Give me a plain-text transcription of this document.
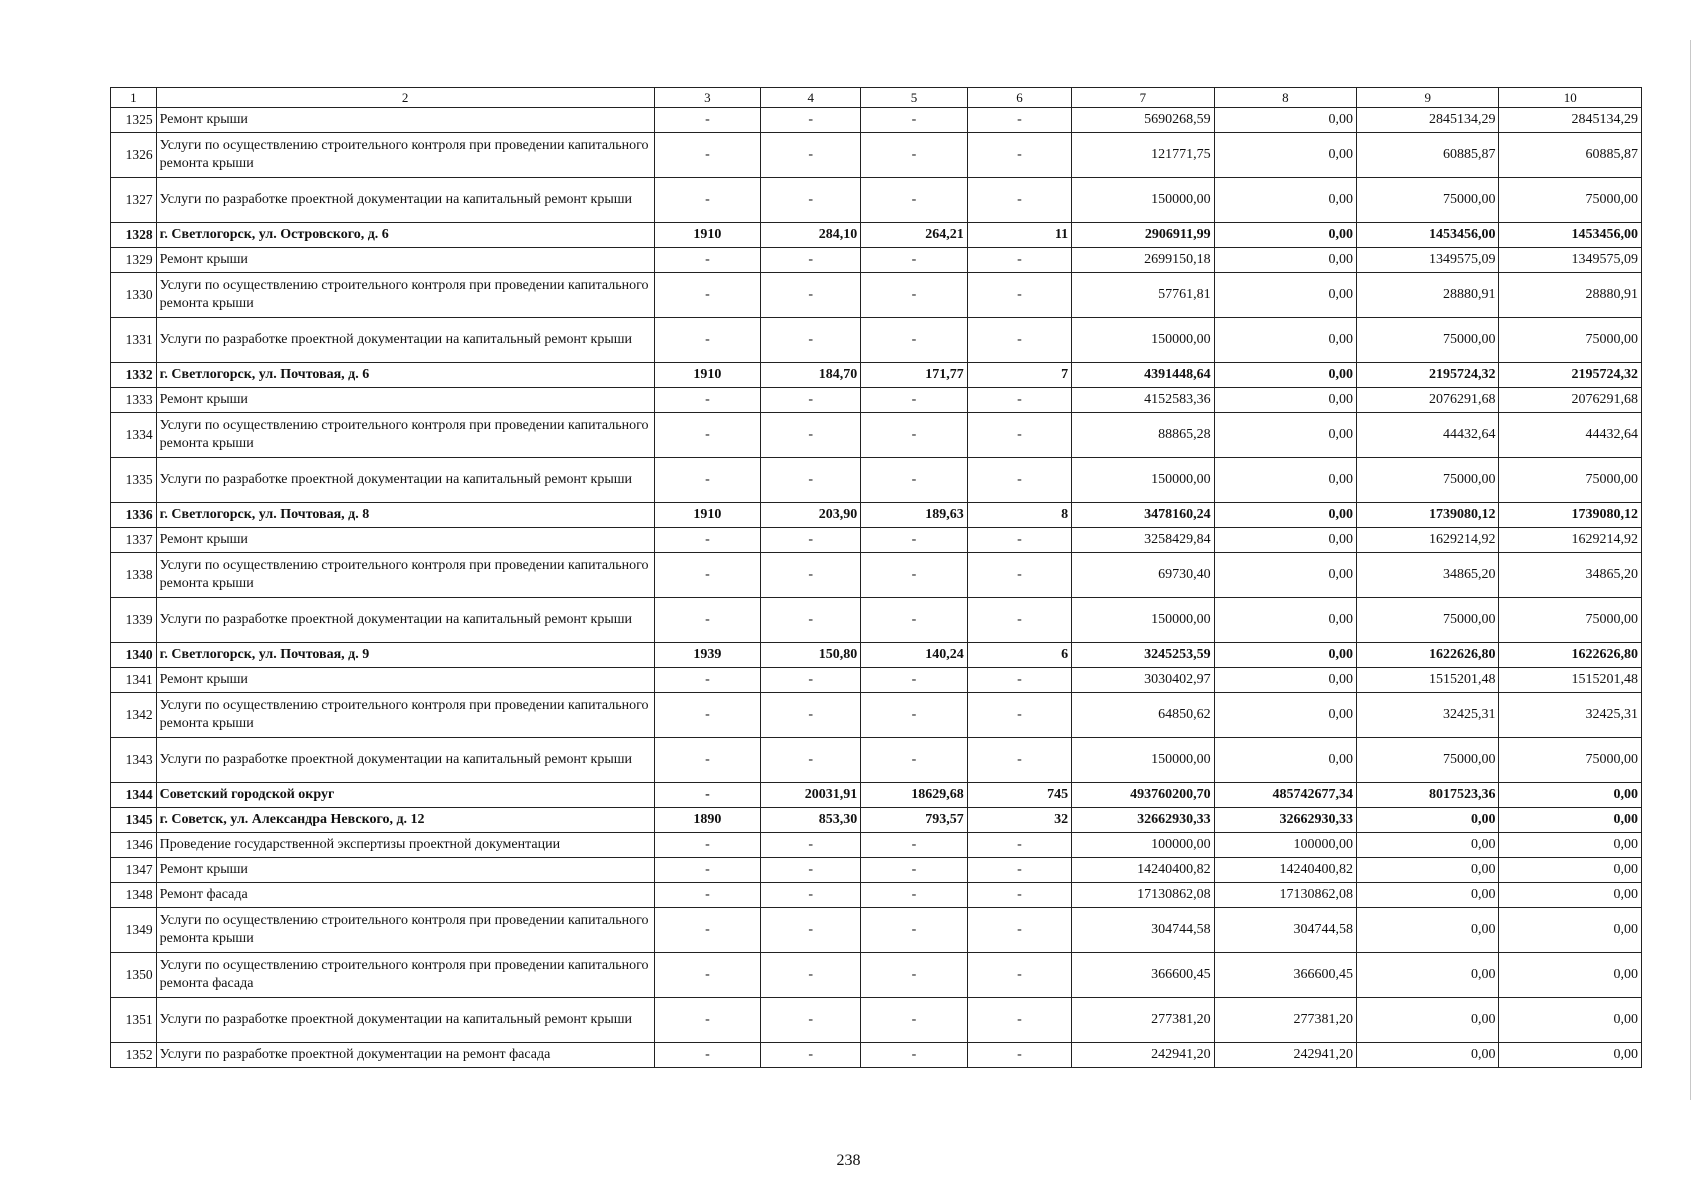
1	2	3	4	5	6	7	8	9	10
1325	Ремонт крыши	-	-	-	-	5690268,59	0,00	2845134,29	2845134,29
1326	Услуги по осуществлению строительного контроля при проведении капитального ремонта крыши	-	-	-	-	121771,75	0,00	60885,87	60885,87
1327	Услуги по разработке проектной документации на капитальный ремонт крыши	-	-	-	-	150000,00	0,00	75000,00	75000,00
1328	г. Светлогорск, ул. Островского, д. 6	1910	284,10	264,21	11	2906911,99	0,00	1453456,00	1453456,00
1329	Ремонт крыши	-	-	-	-	2699150,18	0,00	1349575,09	1349575,09
1330	Услуги по осуществлению строительного контроля при проведении капитального ремонта крыши	-	-	-	-	57761,81	0,00	28880,91	28880,91
1331	Услуги по разработке проектной документации на капитальный ремонт крыши	-	-	-	-	150000,00	0,00	75000,00	75000,00
1332	г. Светлогорск, ул. Почтовая, д. 6	1910	184,70	171,77	7	4391448,64	0,00	2195724,32	2195724,32
1333	Ремонт крыши	-	-	-	-	4152583,36	0,00	2076291,68	2076291,68
1334	Услуги по осуществлению строительного контроля при проведении капитального ремонта крыши	-	-	-	-	88865,28	0,00	44432,64	44432,64
1335	Услуги по разработке проектной документации на капитальный ремонт крыши	-	-	-	-	150000,00	0,00	75000,00	75000,00
1336	г. Светлогорск, ул. Почтовая, д. 8	1910	203,90	189,63	8	3478160,24	0,00	1739080,12	1739080,12
1337	Ремонт крыши	-	-	-	-	3258429,84	0,00	1629214,92	1629214,92
1338	Услуги по осуществлению строительного контроля при проведении капитального ремонта крыши	-	-	-	-	69730,40	0,00	34865,20	34865,20
1339	Услуги по разработке проектной документации на капитальный ремонт крыши	-	-	-	-	150000,00	0,00	75000,00	75000,00
1340	г. Светлогорск, ул. Почтовая, д. 9	1939	150,80	140,24	6	3245253,59	0,00	1622626,80	1622626,80
1341	Ремонт крыши	-	-	-	-	3030402,97	0,00	1515201,48	1515201,48
1342	Услуги по осуществлению строительного контроля при проведении капитального ремонта крыши	-	-	-	-	64850,62	0,00	32425,31	32425,31
1343	Услуги по разработке проектной документации на капитальный ремонт крыши	-	-	-	-	150000,00	0,00	75000,00	75000,00
1344	Советский городской округ	-	20031,91	18629,68	745	493760200,70	485742677,34	8017523,36	0,00
1345	г. Советск, ул. Александра Невского, д. 12	1890	853,30	793,57	32	32662930,33	32662930,33	0,00	0,00
1346	Проведение государственной экспертизы проектной документации	-	-	-	-	100000,00	100000,00	0,00	0,00
1347	Ремонт крыши	-	-	-	-	14240400,82	14240400,82	0,00	0,00
1348	Ремонт фасада	-	-	-	-	17130862,08	17130862,08	0,00	0,00
1349	Услуги по осуществлению строительного контроля при проведении капитального ремонта крыши	-	-	-	-	304744,58	304744,58	0,00	0,00
1350	Услуги по осуществлению строительного контроля при проведении капитального ремонта фасада	-	-	-	-	366600,45	366600,45	0,00	0,00
1351	Услуги по разработке проектной документации на капитальный ремонт крыши	-	-	-	-	277381,20	277381,20	0,00	0,00
1352	Услуги по разработке проектной документации на ремонт фасада	-	-	-	-	242941,20	242941,20	0,00	0,00
238
